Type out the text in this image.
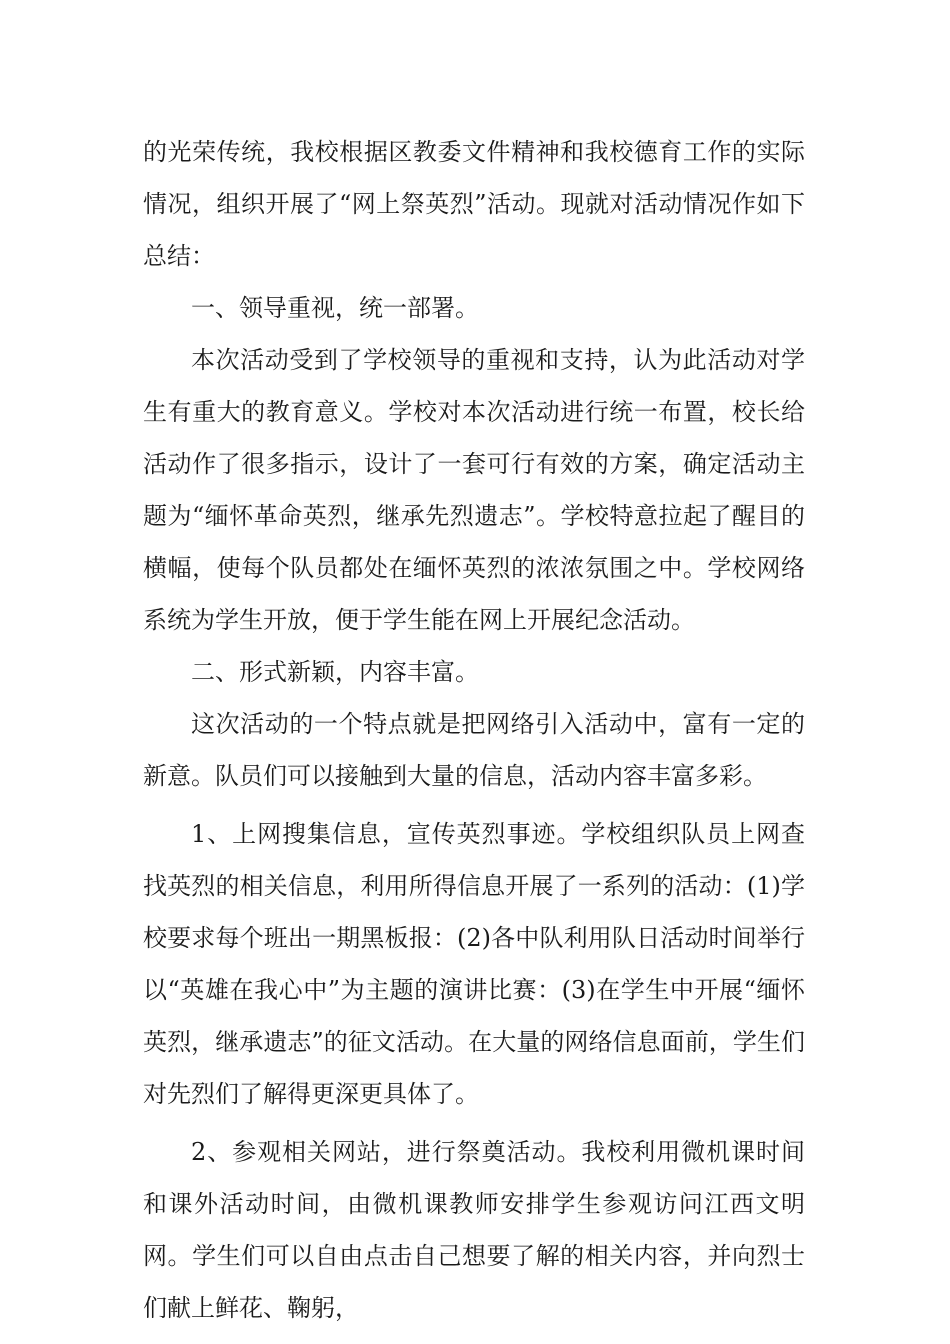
的光荣传统，我校根据区教委文件精神和我校德育工作的实际情况，组织开展了“网上祭英烈”活动。现就对活动情况作如下总结：

一、领导重视，统一部署。

本次活动受到了学校领导的重视和支持，认为此活动对学生有重大的教育意义。学校对本次活动进行统一布置，校长给活动作了很多指示，设计了一套可行有效的方案，确定活动主题为“缅怀革命英烈，继承先烈遗志”。学校特意拉起了醒目的横幅，使每个队员都处在缅怀英烈的浓浓氛围之中。学校网络系统为学生开放，便于学生能在网上开展纪念活动。

二、形式新颖，内容丰富。

这次活动的一个特点就是把网络引入活动中，富有一定的新意。队员们可以接触到大量的信息，活动内容丰富多彩。

1、上网搜集信息，宣传英烈事迹。学校组织队员上网查找英烈的相关信息，利用所得信息开展了一系列的活动：(1)学校要求每个班出一期黑板报：(2)各中队利用队日活动时间举行以“英雄在我心中”为主题的演讲比赛：(3)在学生中开展“缅怀英烈，继承遗志”的征文活动。在大量的网络信息面前，学生们对先烈们了解得更深更具体了。

2、参观相关网站，进行祭奠活动。我校利用微机课时间和课外活动时间，由微机课教师安排学生参观访问江西文明网。学生们可以自由点击自己想要了解的相关内容，并向烈士们献上鲜花、鞠躬，
